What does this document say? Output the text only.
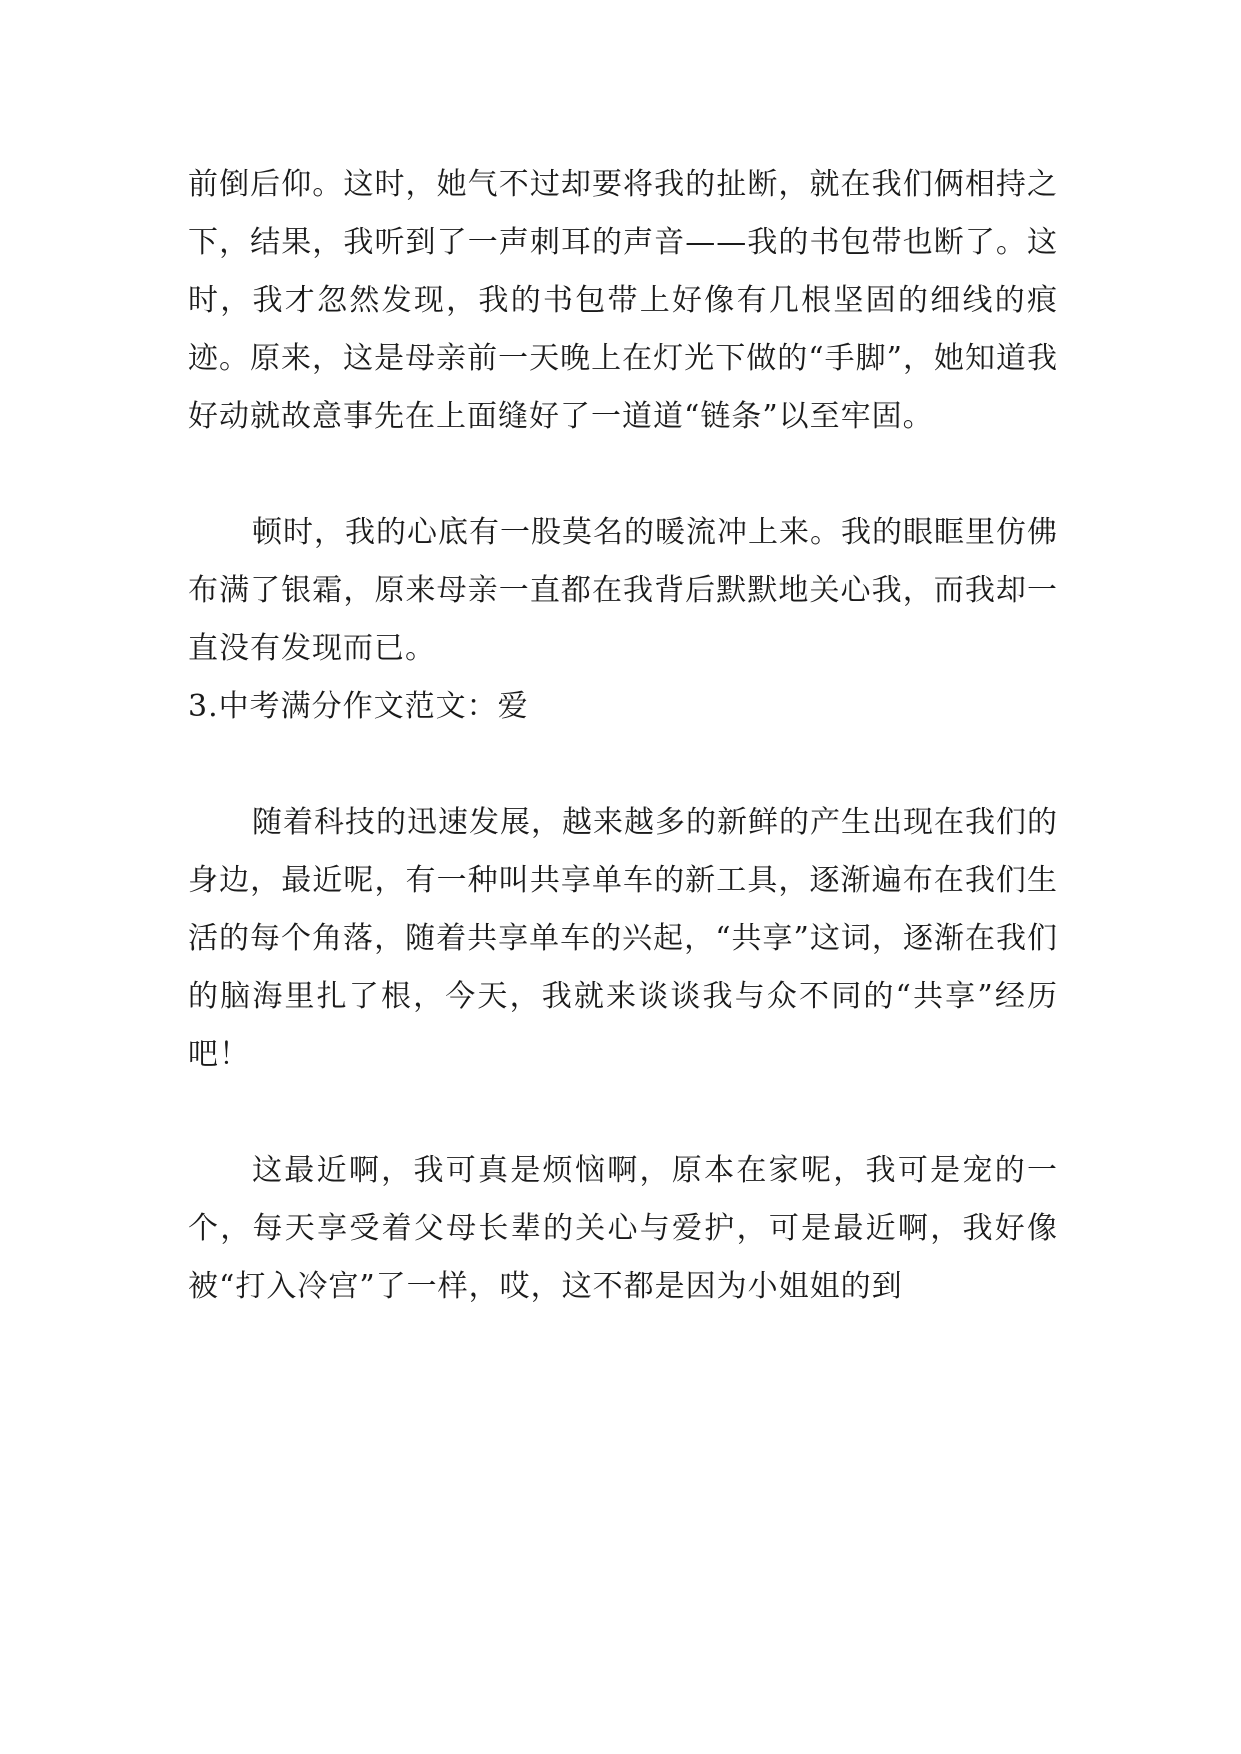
前倒后仰。这时，她气不过却要将我的扯断，就在我们俩相持之下，结果，我听到了一声刺耳的声音——我的书包带也断了。这时，我才忽然发现，我的书包带上好像有几根坚固的细线的痕迹。原来，这是母亲前一天晚上在灯光下做的“手脚”，她知道我好动就故意事先在上面缝好了一道道“链条”以至牢固。

顿时，我的心底有一股莫名的暖流冲上来。我的眼眶里仿佛布满了银霜，原来母亲一直都在我背后默默地关心我，而我却一直没有发现而已。

3.中考满分作文范文：爱

随着科技的迅速发展，越来越多的新鲜的产生出现在我们的身边，最近呢，有一种叫共享单车的新工具，逐渐遍布在我们生活的每个角落，随着共享单车的兴起，“共享”这词，逐渐在我们的脑海里扎了根，今天，我就来谈谈我与众不同的“共享”经历吧！

这最近啊，我可真是烦恼啊，原本在家呢，我可是宠的一个，每天享受着父母长辈的关心与爱护，可是最近啊，我好像被“打入冷宫”了一样，哎，这不都是因为小姐姐的到
